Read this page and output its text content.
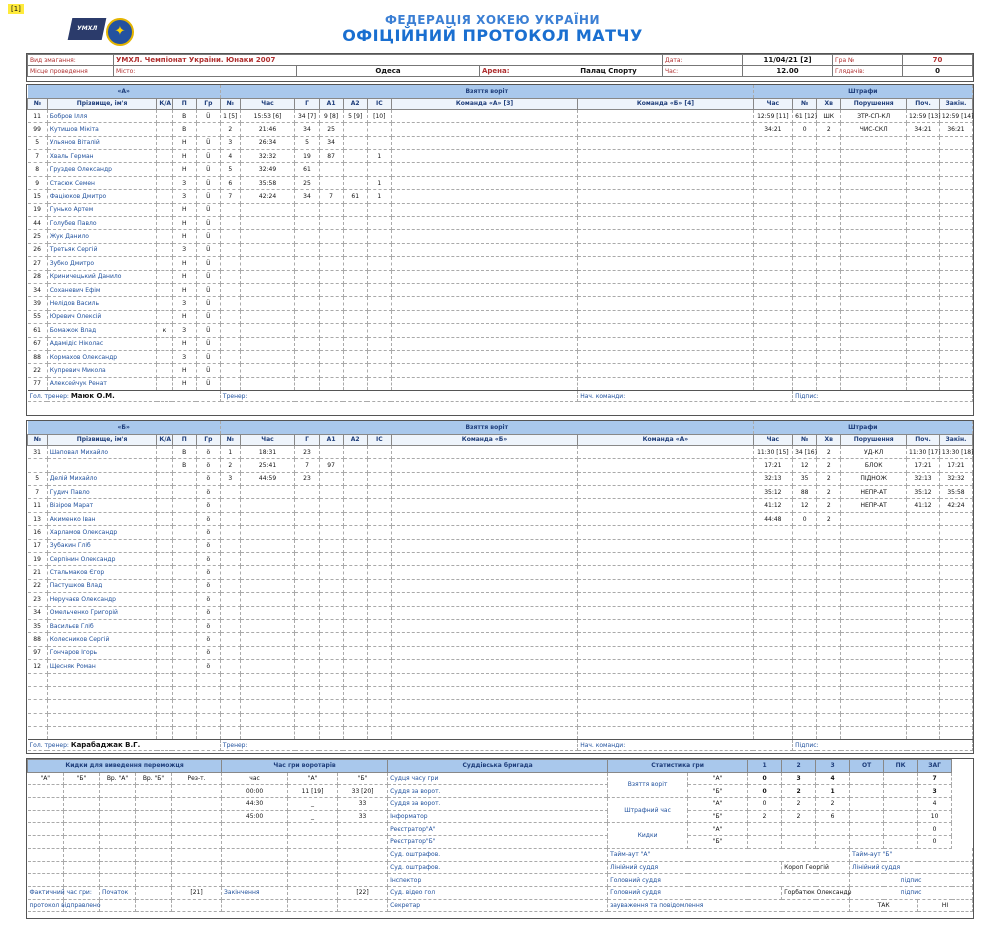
[1]
УМХЛ	✦
ФЕДЕРАЦІЯ ХОКЕЮ УКРАЇНИ
ОФІЦІЙНИЙ ПРОТОКОЛ МАТЧУ
Вид змагання:	УМХЛ. Чемпіонат України. Юнаки 2007			Дата:	11/04/21 [2]	Гра №	70
Місце проведення	Місто:	Одеса	Арена: Палац Спорту	Час:	12.00	Глядачів:	0
«А»					Взяття воріт								Штрафи					
№	Прізвище, ім'я	К/А	П	Гр	№	Час	Г	А1	А2	ІС	Команда «А» [3]	Команда «Б» [4]	Час	№	Хв	Порушення	Поч.	Закін.
11	Бобров Ілля		В	Ü	1 [5]	15:53 [6]	34 [7]	9 [8]	5 [9]	[10]			12:59 [11]	61 [12]	ШК	ЗТР-СП-КЛ	12:59 [13]	12:59 [14]
99	Кутишов Мікіта		В		2	21:46	34	25					34:21	0	2	ЧИС-СКЛ	34:21	36:21
5	Ульянов Віталій		Н	Ü	3	26:34	5	34										
7	Хваль Герман		Н	Ü	4	32:32	19	87		1								
8	Груздев Олександр		Н	Ü	5	32:49	61											
9	Стасюк Семен		З	Ü	6	35:58	25			1								
15	Фаціюков Дмитро		З	Ü	7	42:24	34	7	61	1								
19	Гунько Артем		Н	Ü														
44	Голубев Павло		Н	Ü														
25	Жук Данило		Н	Ü														
26	Третьяк Сергій		З	Ü														
27	Зубко Дмитро		Н	Ü														
28	Криничецький Данило		Н	Ü														
34	Соханевич Ефім		Н	Ü														
39	Нелідов Василь		З	Ü														
55	Юревич Олексій		Н	Ü														
61	Бомажок Влад	к	З	Ü														
67	Адамідіс Ніколас		Н	Ü														
88	Кормахов Олександр		З	Ü														
22	Купревич Микола		Н	Ü														
77	Алексейчук Ренат		Н	Ü														
Гол. тренер: Маюк О.М.					Тренер:							Нач. команди:		Підпис:				
«Б»					Взяття воріт								Штрафи					
№	Прізвище, ім'я	К/А	П	Гр	№	Час	Г	А1	А2	ІС	Команда «Б»	Команда «А»	Час	№	Хв	Порушення	Поч.	Закін.
31	Шаповал Михайло		В	ö	1	18:31	23						11:30 [15]	34 [16]	2	УД-КЛ	11:30 [17]	13:30 [18]
			В	ö	2	25:41	7	97					17:21	12	2	БЛОК	17:21	17:21
5	Делій Михайло			ö	3	44:59	23						32:13	35	2	ПІДНОЖ	32:13	32:32
7	Гудич Павло			ö									35:12	88	2	НЕПР-АТ	35:12	35:58
11	Візіров Марат			ö									41:12	12	2	НЕПР-АТ	41:12	42:24
13	Акименко Іван			ö									44:48	0	2			
16	Харламов Олександр			ö														
17	Зубакин Гліб			ö														
19	Серпінин Олександр			ö														
21	Стальмаков Єгор			ö														
22	Пастушков Влад			ö														
23	Неручаєв Олександр			ö														
34	Омельченко Григорій			ö														
35	Васильєв Гліб			ö														
88	Колесников Сергій			ö														
97	Гончаров Ігорь			ö														
12	Щесняк Роман			ö														

Гол. тренер: Карабаджак В.Г.					Тренер:							Нач. команди:		Підпис:				
Кидки для виведення переможця					Час гри воротарів			Суддівська бригада	Статистика гри		1	2	3	ОТ	ПК	ЗАГ
"А"	"Б"	Вр. "А"	Вр. "Б"	Рез-т.	час	"А"	"Б"	Судця часу гри	Взяття воріт	"А"	0	3	4			7
					00:00	11 [19]	33 [20]	Суддя за ворот.		"Б"	0	2	1			3
					44:30	_	33	Суддя за ворот.	Штрафний час	"А"	0	2	2			4
					45:00	_	33	Інформатор		"Б"	2	2	6			10
								Реєстратор"А"	Кидки	"А"						0
								Реєстратор"Б"		"Б"						0
								Суд. оштрафов.	Тайм-аут "А"					Тайм-аут "Б"		
								Суд. оштрафов.	Лінійний суддя			Короп Георгій		Лінійний суддя		
								Інспектор	Головний суддя					підпис		
Фактичний час гри:		Початок		[21]	Закінчення		[22]	Суд. відео гол	Головний суддя			Горбатюк Олександр		підпис		
протокол відправлено								Секретар	зауваження та повідомлення					ТАК		НІ
